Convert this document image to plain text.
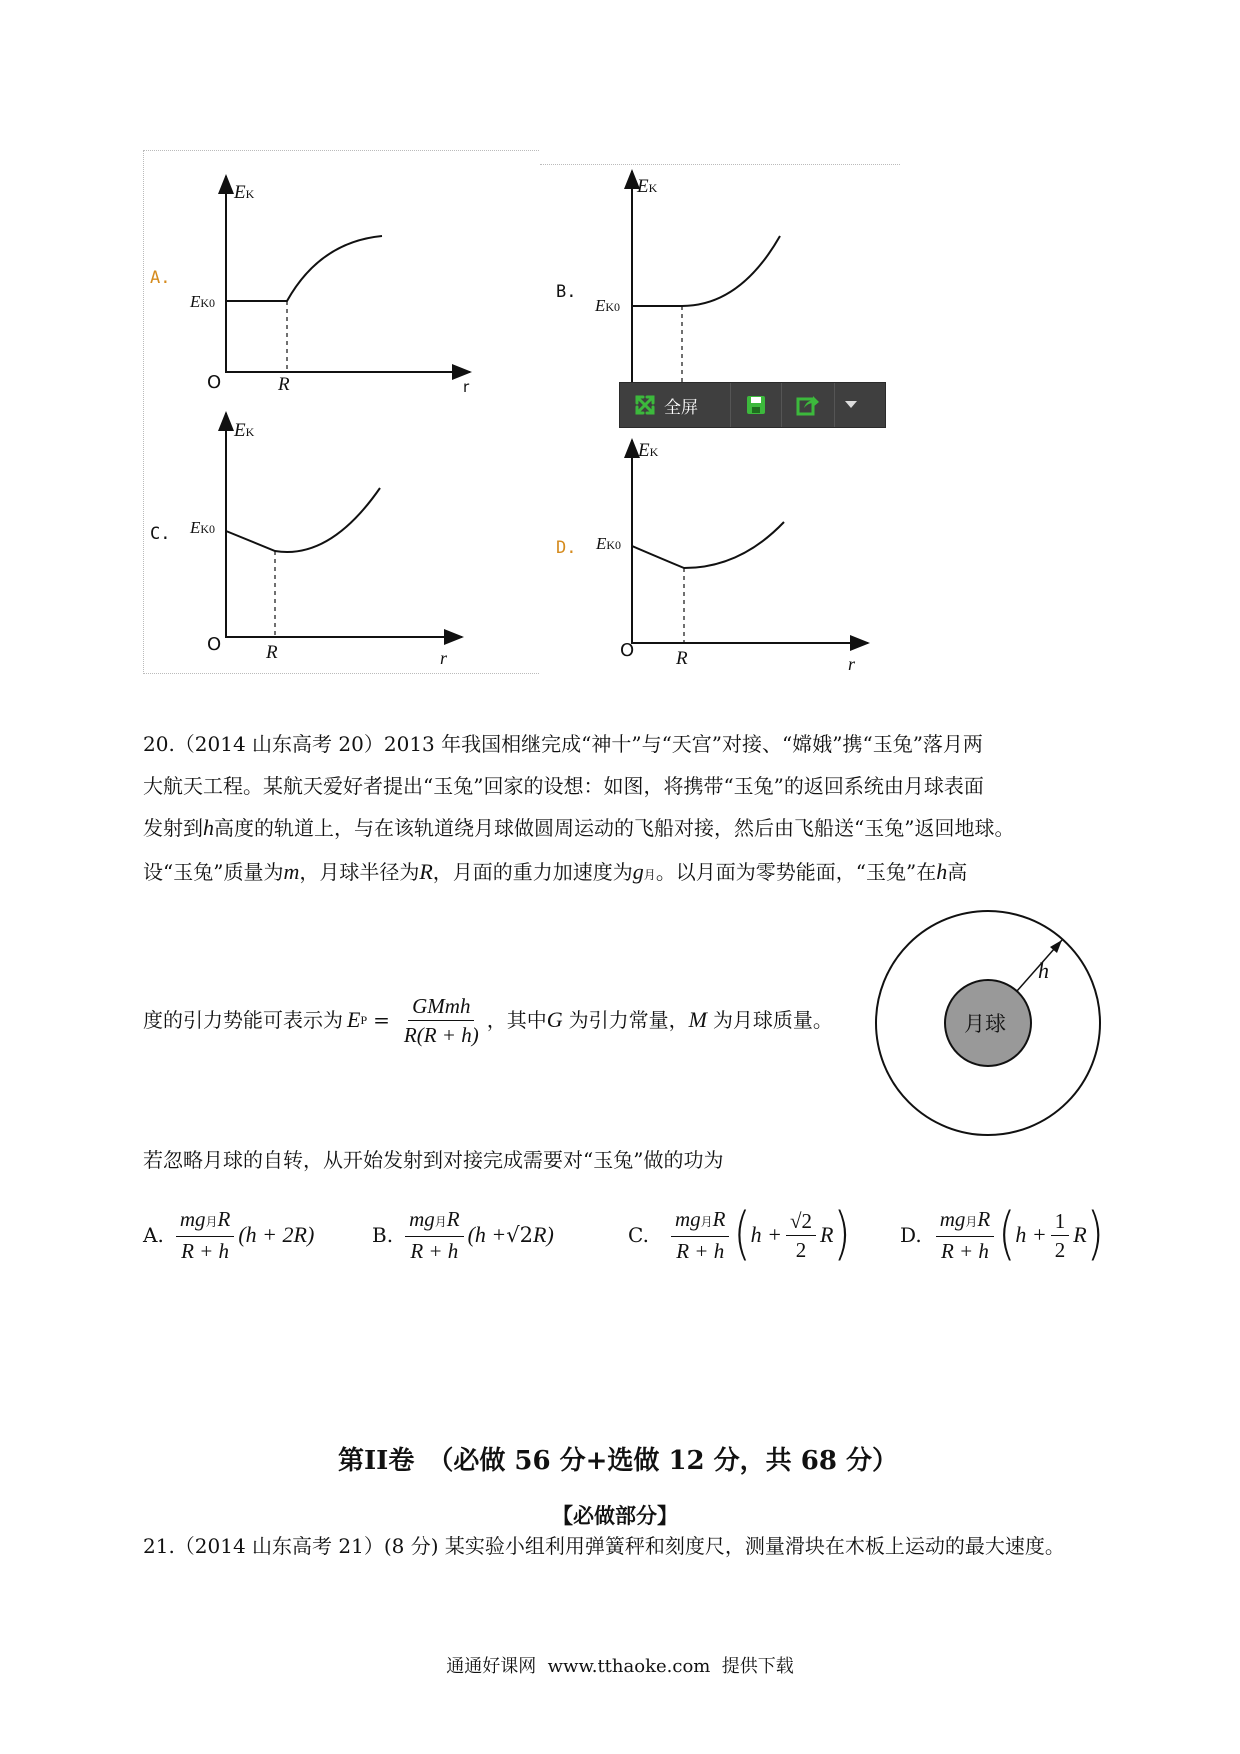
A.
EK
EK0
O	R	r
B.
EK
EK0
C.
EK
EK0
O R	r
D.
EK
EK0
O R	r
全屏
20.（2014 山东高考 20）2013 年我国相继完成“神十”与“天宫”对接、“嫦娥”携“玉兔”落月两
大航天工程。某航天爱好者提出“玉兔”回家的设想：如图，将携带“玉兔”的返回系统由月球表面
发射到h高度的轨道上，与在该轨道绕月球做圆周运动的飞船对接，然后由飞船送“玉兔”返回地球。
设“玉兔”质量为m，月球半径为R，月面的重力加速度为g月。以月面为零势能面，“玉兔”在h高
度的引力势能可表示为 E $P = \frac{\text{GMmh}}{R(R + h)}$ ，其中 G 为引力常量， M 为月球质量。	月球
h
若忽略月球的自转，从开始发射到对接完成需要对“玉兔”做的功为
A. $\frac{\text{mg月R}}{R + h} (h + 2R)$	B. $\frac{\text{mg月R}}{R + h} (h + √2$ R)	C. $\frac{\text{mg月R}}{R + h}$ ( $h + \frac{√2}{2}$ R ) D. $\frac{\text{mg月R}}{R + h}$ ( $h + \frac{1}{2}$ R )
第II卷　（必做 56 分+选做 12 分，共 68 分）
【必做部分】
21.（2014 山东高考 21）(8 分) 某实验小组利用弹簧秤和刻度尺，测量滑块在木板上运动的最大速度。
通通好课网  www.tthaoke.com  提供下载
